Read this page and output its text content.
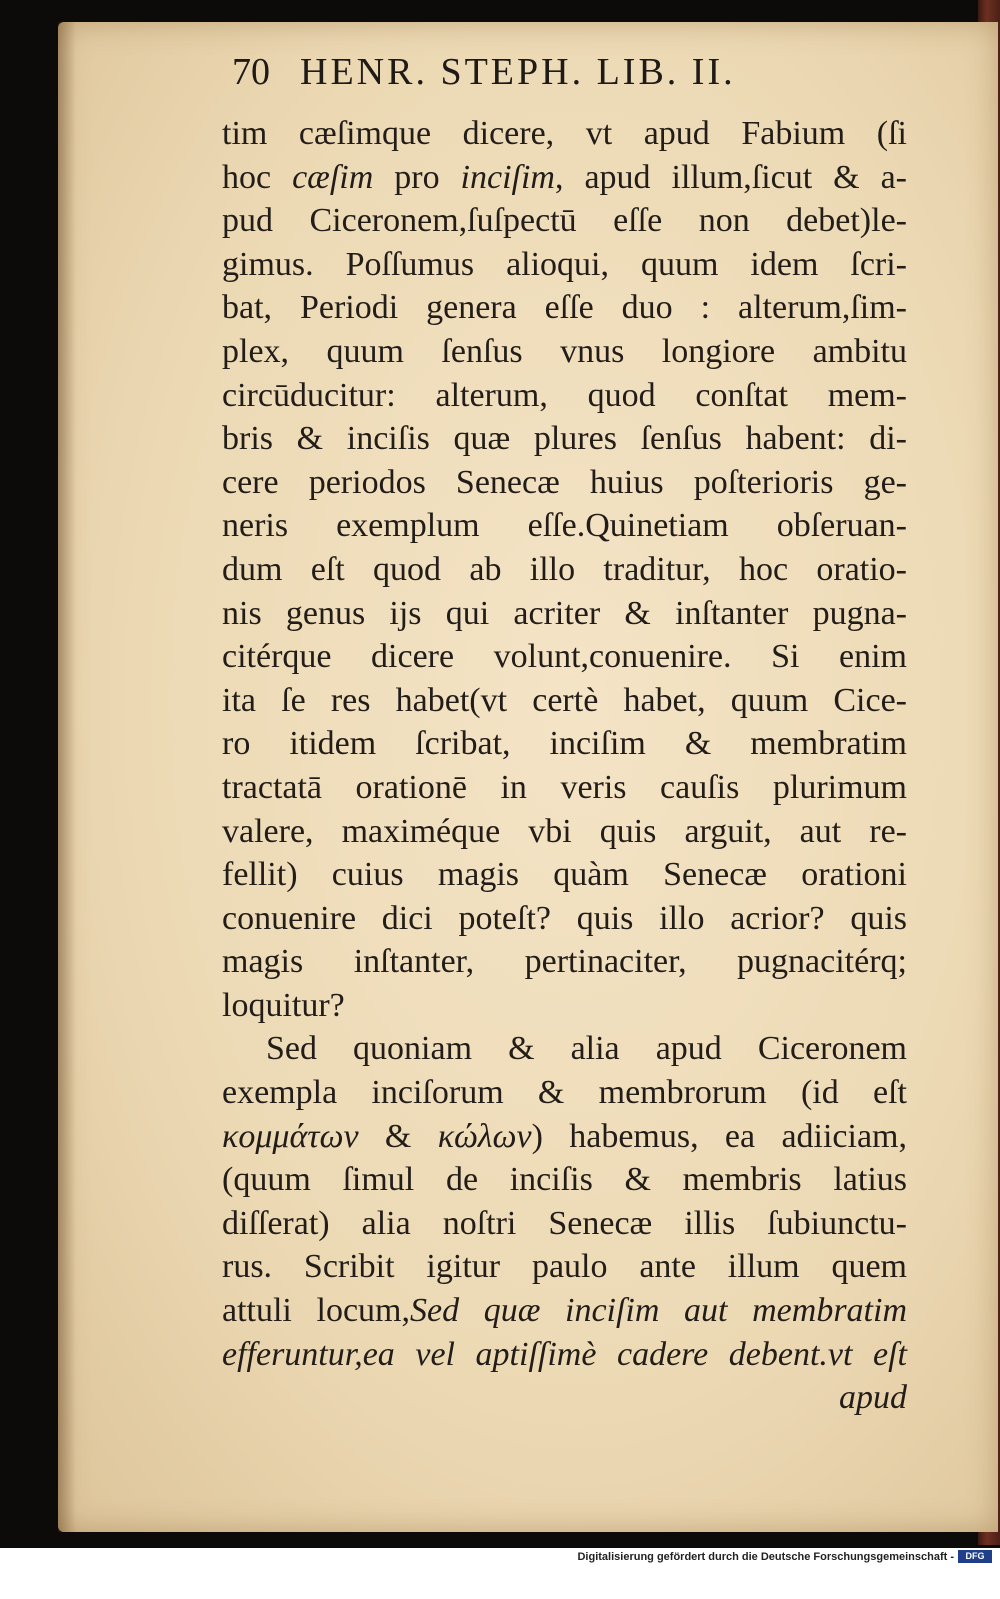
70 HENR. STEPH. LIB. II.
tim cæſimque dicere, vt apud Fabium (ſi
hoc cæſim pro inciſim, apud illum,ſicut & a-
pud Ciceronem,ſuſpectū eſſe non debet)le-
gimus. Poſſumus alioqui, quum idem ſcri-
bat, Periodi genera eſſe duo : alterum,ſim-
plex, quum ſenſus vnus longiore ambitu
circūducitur: alterum, quod conſtat mem-
bris & inciſis quæ plures ſenſus habent: di-
cere periodos Senecæ huius poſterioris ge-
neris exemplum eſſe.Quinetiam obſeruan-
dum eſt quod ab illo traditur, hoc oratio-
nis genus ijs qui acriter & inſtanter pugna-
citérque dicere volunt,conuenire. Si enim
ita ſe res habet(vt certè habet, quum Cice-
ro itidem ſcribat, inciſim & membratim
tractatā orationē in veris cauſis plurimum
valere, maximéque vbi quis arguit, aut re-
fellit) cuius magis quàm Senecæ orationi
conuenire dici poteſt? quis illo acrior? quis
magis inſtanter, pertinaciter, pugnacitérq;
loquitur?
Sed quoniam & alia apud Ciceronem
exempla inciſorum & membrorum (id eſt
κομμάτων & κώλων) habemus, ea adiiciam,
(quum ſimul de inciſis & membris latius
diſſerat) alia noſtri Senecæ illis ſubiunctu-
rus. Scribit igitur paulo ante illum quem
attuli locum,Sed quæ inciſim aut membratim
efferuntur,ea vel aptiſſimè cadere debent.vt eſt
apud
Digitalisierung gefördert durch die Deutsche Forschungsgemeinschaft -	DFG
